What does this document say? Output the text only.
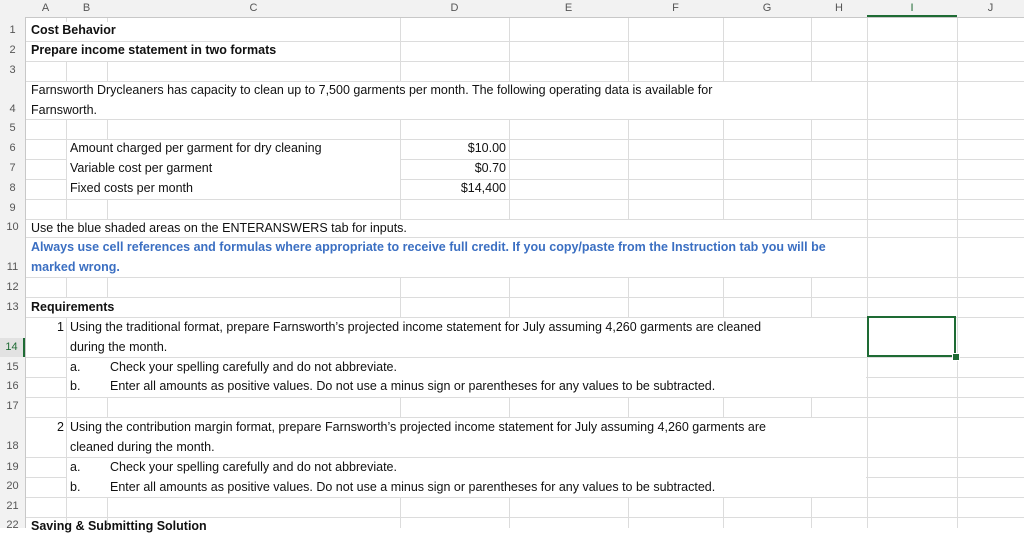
A	B	C	D	E	F	G	H	I	J
1
2
3
4
5
6
7
8
9
10
11
12
13
14
15
16
17
18
19
20
21
22
Cost Behavior
Prepare income statement in two formats
Farnsworth Drycleaners has capacity to clean up to 7,500 garments per month. The following operating data is available for
Farnsworth.
Amount charged per garment for dry cleaning	$10.00
Variable cost per garment	$0.70
Fixed costs per month	$14,400
Use the blue shaded areas on the ENTERANSWERS tab for inputs.
Always use cell references and formulas where appropriate to receive full credit. If you copy/paste from the Instruction tab you will be
marked wrong.
Requirements
1 Using the traditional format, prepare Farnsworth’s projected income statement for July assuming 4,260 garments are cleaned
during the month.
a. Check your spelling carefully and do not abbreviate.
b. Enter all amounts as positive values. Do not use a minus sign or parentheses for any values to be subtracted.
2 Using the contribution margin format, prepare Farnsworth’s projected income statement for July assuming 4,260 garments are
cleaned during the month.
a. Check your spelling carefully and do not abbreviate.
b. Enter all amounts as positive values. Do not use a minus sign or parentheses for any values to be subtracted.
Saving & Submitting Solution
